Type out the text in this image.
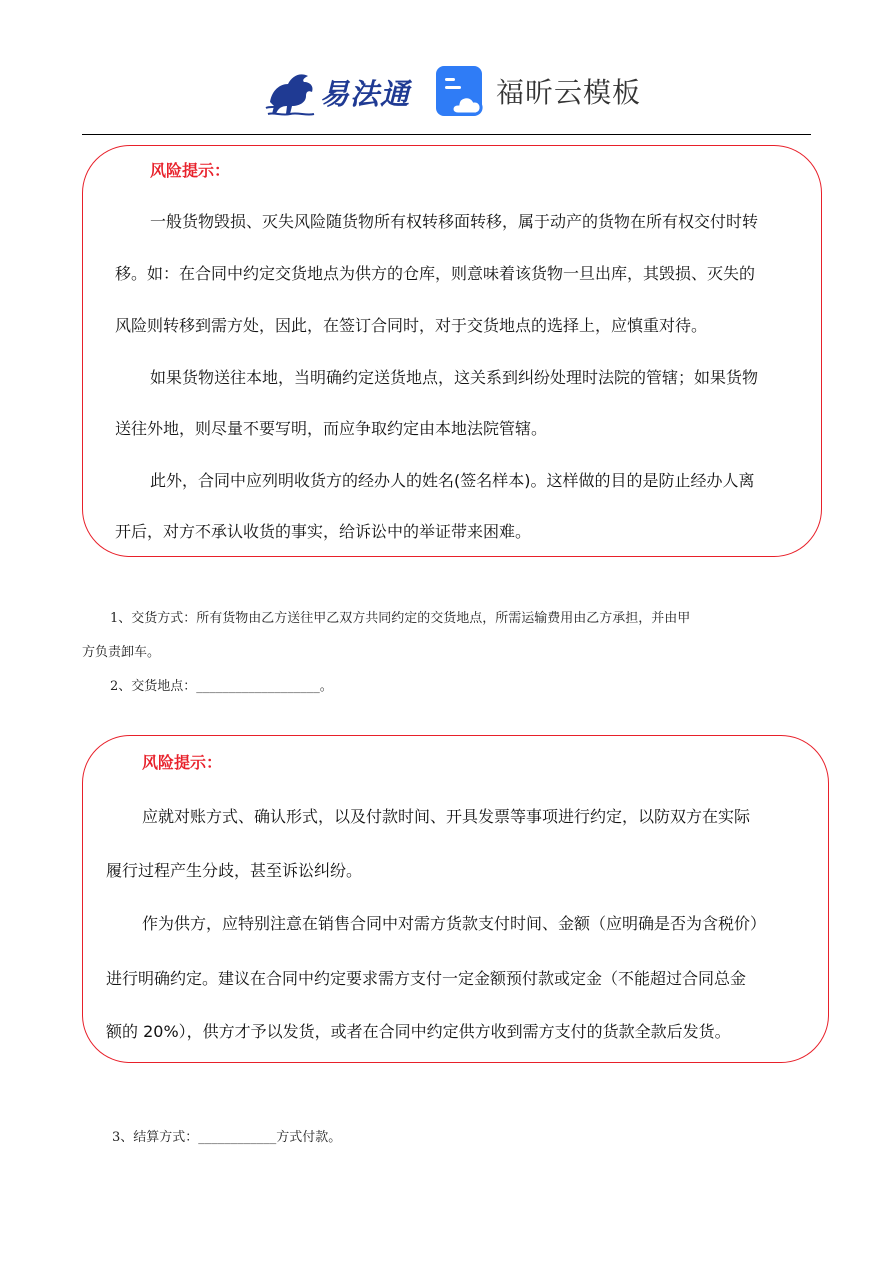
易法通	福昕云模板
风险提示：
一般货物毁损、灭失风险随货物所有权转移面转移，属于动产的货物在所有权交付时转
移。如：在合同中约定交货地点为供方的仓库，则意味着该货物一旦出库，其毁损、灭失的
风险则转移到需方处，因此，在签订合同时，对于交货地点的选择上，应慎重对待。
如果货物送往本地，当明确约定送货地点，这关系到纠纷处理时法院的管辖；如果货物
送往外地，则尽量不要写明，而应争取约定由本地法院管辖。
此外，合同中应列明收货方的经办人的姓名(签名样本)。这样做的目的是防止经办人离
开后，对方不承认收货的事实，给诉讼中的举证带来困难。
1、交货方式：所有货物由乙方送往甲乙双方共同约定的交货地点，所需运输费用由乙方承担，并由甲
方负责卸车。
2、交货地点：___________________。
风险提示：
应就对账方式、确认形式，以及付款时间、开具发票等事项进行约定，以防双方在实际
履行过程产生分歧，甚至诉讼纠纷。
作为供方，应特别注意在销售合同中对需方货款支付时间、金额（应明确是否为含税价）
进行明确约定。建议在合同中约定要求需方支付一定金额预付款或定金（不能超过合同总金
额的 20%），供方才予以发货，或者在合同中约定供方收到需方支付的货款全款后发货。
3、结算方式：____________方式付款。
